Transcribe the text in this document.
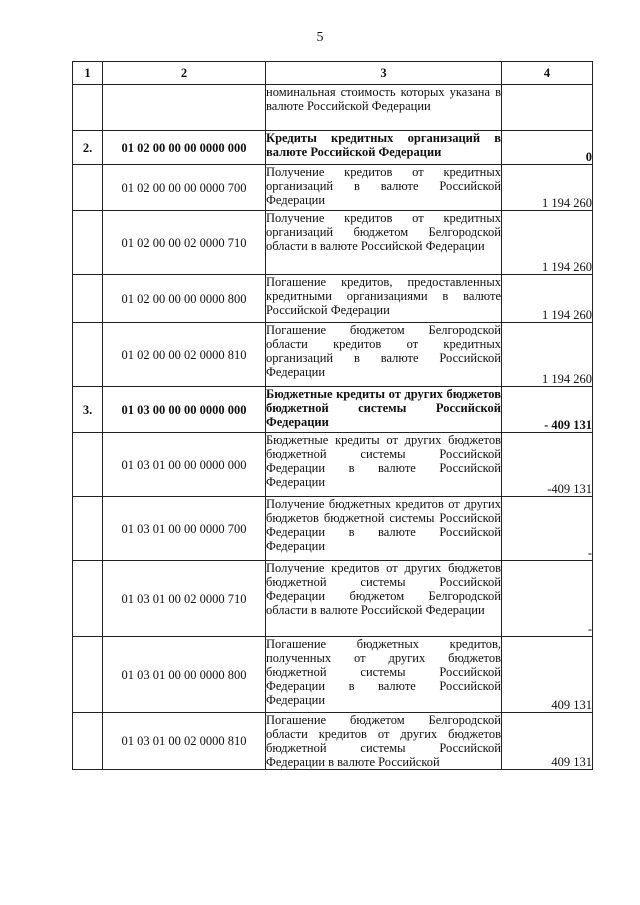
5
1	2	3	4
		номинальная стоимость которых указана в валюте Российской Федерации	
2.	01 02 00 00 00 0000 000	Кредиты кредитных организаций в валюте Российской Федерации	0
	01 02 00 00 00 0000 700	Получение кредитов от кредитных организаций в валюте Российской Федерации	1 194 260
	01 02 00 00 02 0000 710	Получение кредитов от кредитных организаций бюджетом Белгородской области в валюте Российской Федерации	1 194 260
	01 02 00 00 00 0000 800	Погашение кредитов, предоставленных кредитными организациями в валюте Российской Федерации	1 194 260
	01 02 00 00 02 0000 810	Погашение бюджетом Белгородской области кредитов от кредитных организаций в валюте Российской Федерации	1 194 260
3.	01 03 00 00 00 0000 000	Бюджетные кредиты от других бюджетов бюджетной системы Российской Федерации	- 409 131
	01 03 01 00 00 0000 000	Бюджетные кредиты от других бюджетов бюджетной системы Российской Федерации в валюте Российской Федерации	-409 131
	01 03 01 00 00 0000 700	Получение бюджетных кредитов от других бюджетов бюджетной системы Российской Федерации в валюте Российской Федерации	-
	01 03 01 00 02 0000 710	Получение кредитов от других бюджетов бюджетной системы Российской Федерации бюджетом Белгородской области в валюте Российской Федерации	-
	01 03 01 00 00 0000 800	Погашение бюджетных кредитов, полученных от других бюджетов бюджетной системы Российской Федерации в валюте Российской Федерации	409 131
	01 03 01 00 02 0000 810	Погашение бюджетом Белгородской области кредитов от других бюджетов бюджетной системы Российской Федерации в валюте Российской	409 131
